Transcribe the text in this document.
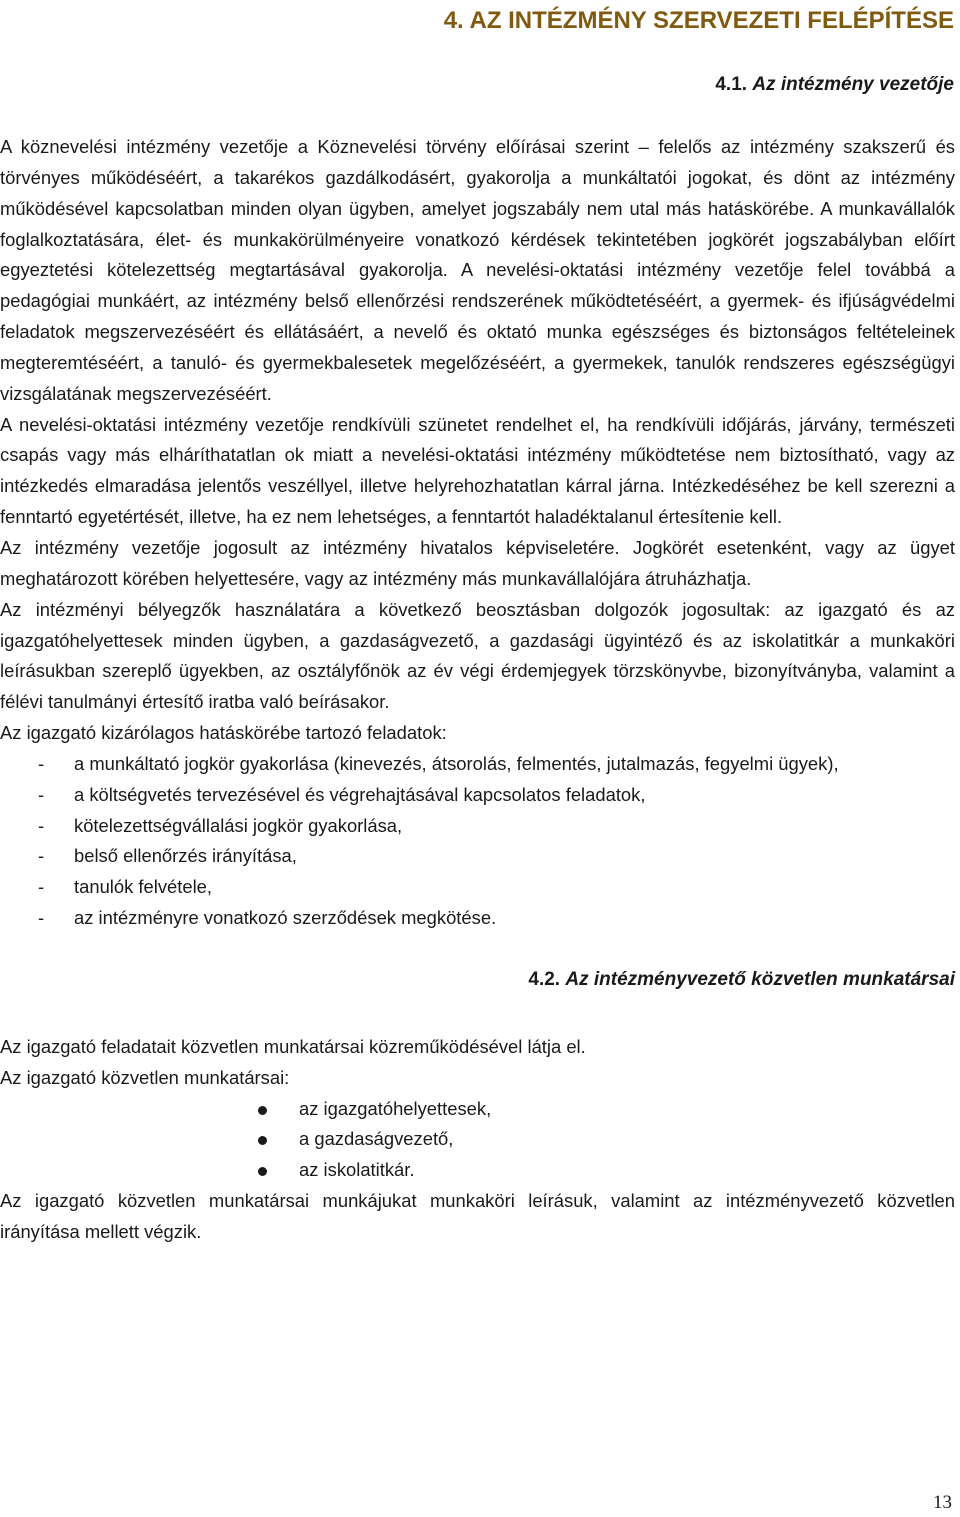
4. AZ INTÉZMÉNY SZERVEZETI FELÉPÍTÉSE
4.1. Az intézmény vezetője

A köznevelési intézmény vezetője a Köznevelési törvény előírásai szerint – felelős az intézmény szakszerű és törvényes működéséért, a takarékos gazdálkodásért, gyakorolja a munkáltatói jogokat, és dönt az intézmény működésével kapcsolatban minden olyan ügyben, amelyet jogszabály nem utal más hatáskörébe. A munkavállalók foglalkoztatására, élet- és munkakörülményeire vonatkozó kérdések tekintetében jogkörét jogszabályban előírt egyeztetési kötelezettség megtartásával gyakorolja. A nevelési-oktatási intézmény vezetője felel továbbá a pedagógiai munkáért, az intézmény belső ellenőrzési rendszerének működtetéséért, a gyermek- és ifjúságvédelmi feladatok megszervezéséért és ellátásáért, a nevelő és oktató munka egészséges és biztonságos feltételeinek megteremtéséért, a tanuló- és gyermekbalesetek megelőzéséért, a gyermekek, tanulók rendszeres egészségügyi vizsgálatának megszervezéséért.

A nevelési-oktatási intézmény vezetője rendkívüli szünetet rendelhet el, ha rendkívüli időjárás, járvány, természeti csapás vagy más elháríthatatlan ok miatt a nevelési-oktatási intézmény működtetése nem biztosítható, vagy az intézkedés elmaradása jelentős veszéllyel, illetve helyrehozhatatlan kárral járna. Intézkedéséhez be kell szerezni a fenntartó egyetértését, illetve, ha ez nem lehetséges, a fenntartót haladéktalanul értesítenie kell.

Az intézmény vezetője jogosult az intézmény hivatalos képviseletére. Jogkörét esetenként, vagy az ügyet meghatározott körében helyettesére, vagy az intézmény más munkavállalójára átruházhatja.

Az intézményi bélyegzők használatára a következő beosztásban dolgozók jogosultak: az igazgató és az igazgatóhelyettesek minden ügyben, a gazdaságvezető, a gazdasági ügyintéző és az iskolatitkár a munkaköri leírásukban szereplő ügyekben, az osztályfőnök az év végi érdemjegyek törzskönyvbe, bizonyítványba, valamint a félévi tanulmányi értesítő iratba való beírásakor.

Az igazgató kizárólagos hatáskörébe tartozó feladatok:

- a munkáltató jogkör gyakorlása (kinevezés, átsorolás, felmentés, jutalmazás, fegyelmi ügyek),
- a költségvetés tervezésével és végrehajtásával kapcsolatos feladatok,
- kötelezettségvállalási jogkör gyakorlása,
- belső ellenőrzés irányítása,
- tanulók felvétele,
- az intézményre vonatkozó szerződések megkötése.
4.2. Az intézményvezető közvetlen munkatársai

Az igazgató feladatait közvetlen munkatársai közreműködésével látja el.

Az igazgató közvetlen munkatársai:

az igazgatóhelyettesek,
a gazdaságvezető,
az iskolatitkár.

Az igazgató közvetlen munkatársai munkájukat munkaköri leírásuk, valamint az intézményvezető közvetlen irányítása mellett végzik.

13
